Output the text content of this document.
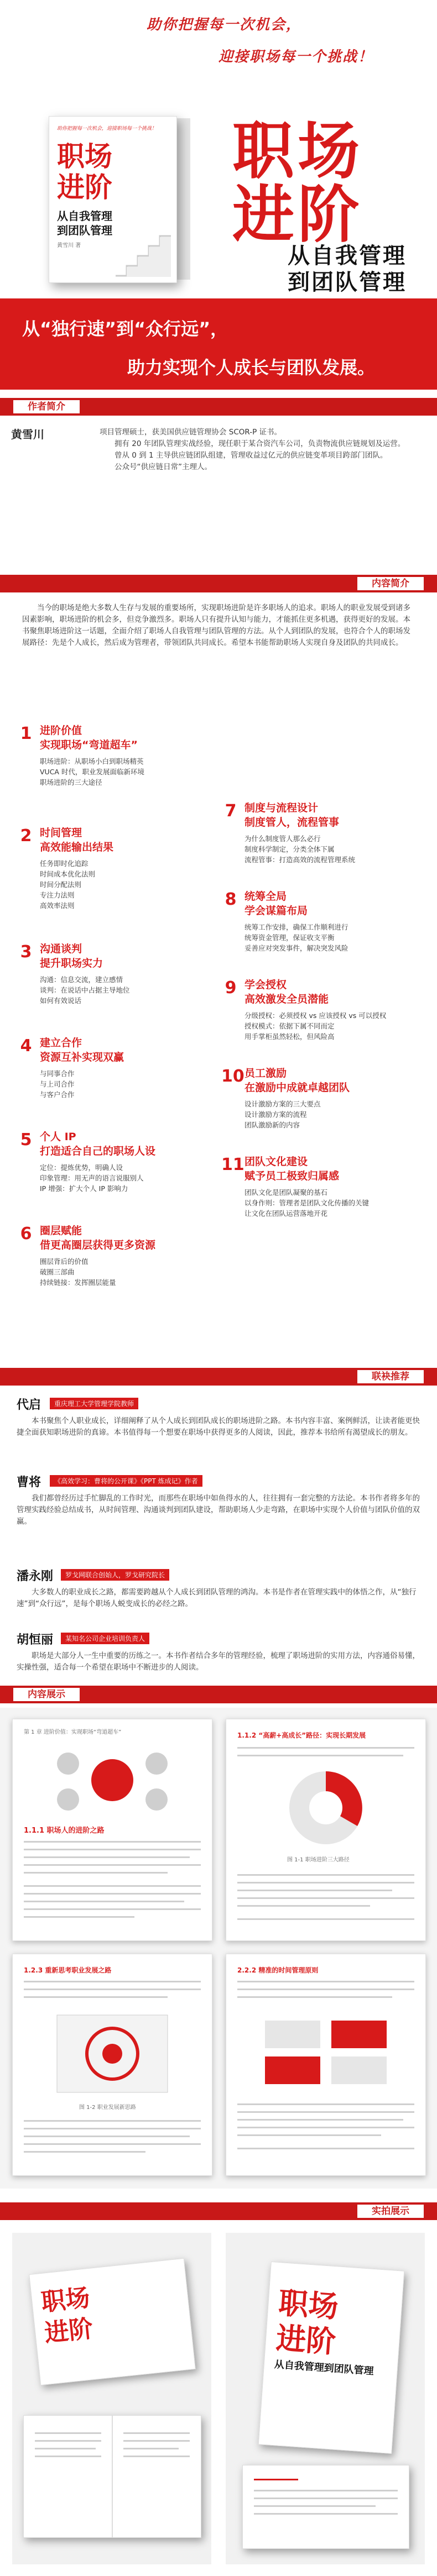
助你把握每一次机会，
迎接职场每一个挑战！
助你把握每一次机会，迎接职场每一个挑战！
职场
进阶
从自我管理
到团队管理
黄雪川 著
职场
进阶
从自我管理
到团队管理
从“独行速”到“众行远”，
助力实现个人成长与团队发展。
作者简介
黄雪川	项目管理硕士，获美国供应链管理协会 SCOR-P 证书。
拥有 20 年团队管理实战经验，现任职于某合资汽车公司，负责物流供应链规划及运营。
曾从 0 到 1 主导供应链团队组建，管理收益过亿元的供应链变革项目跨部门团队。
公众号“供应链日常”主理人。
内容简介
当今的职场是绝大多数人生存与发展的重要场所，实现职场进阶是许多职场人的追求。职场人的职业发展受到诸多因素影响，职场进阶的机会多，但竞争激烈多。职场人只有提升认知与能力，才能抓住更多机遇，获得更好的发展。本书聚焦职场进阶这一话题，全面介绍了职场人自我管理与团队管理的方法。从个人到团队的发展，也符合个人的职场发展路径：先是个人成长，然后成为管理者，带领团队共同成长。希望本书能帮助职场人实现自身及团队的共同成长。
1 进阶价值
实现职场“弯道超车”
职场进阶：从职场小白到职场精英
VUCA 时代，职业发展面临新环境
职场进阶的三大途径
2 时间管理
高效能输出结果
任务即时化追踪
时间成本优化法则
时间分配法则
专注力法则
高效率法则
3 沟通谈判
提升职场实力
沟通：信息交流，建立感情
谈判：在说话中占据主导地位
如何有效说话
4 建立合作
资源互补实现双赢
与同事合作
与上司合作
与客户合作
5 个人 IP
打造适合自己的职场人设
定位：提炼优势，明确人设
印象管理：用无声的语言说服别人
IP 增强：扩大个人 IP 影响力
6 圈层赋能
借更高圈层获得更多资源
圈层背后的价值
破圈三部曲
持续链接：发挥圈层能量
7 制度与流程设计
制度管人，流程管事
为什么制度管人那么必行
制度科学制定，分类全体下属
流程管事：打造高效的流程管理系统
8 统筹全局
学会谋篇布局
统筹工作安排，确保工作顺利进行
统筹资金管理，保证收支平衡
妥善应对突发事件，解决突发风险
9 学会授权
高效激发全员潜能
分级授权：必须授权 vs 应该授权 vs 可以授权
授权模式：依据下属不同而定
用手掌柜虽然轻松，但风险高
10 员工激励
在激励中成就卓越团队
设计激励方案的三大要点
设计激励方案的流程
团队激励新的内容
11 团队文化建设
赋予员工极致归属感
团队文化是团队凝聚的基石
以身作则：管理者是团队文化传播的关键
让文化在团队运营落地开花
联袂推荐
代启	重庆理工大学管理学院教师
本书聚焦个人职业成长，详细阐释了从个人成长到团队成长的职场进阶之路。本书内容丰富、案例鲜活，让读者能更快捷全面获知职场进阶的真谛。本书值得每一个想要在职场中获得更多的人阅读，因此，推荐本书给所有渴望成长的朋友。
曹将	《高效学习：曹将的公开课》《PPT 炼成记》作者
我们都曾经历过手忙脚乱的工作时光，而那些在职场中如鱼得水的人，往往拥有一套完整的方法论。本书作者将多年的管理实践经验总结成书，从时间管理、沟通谈判到团队建设，帮助职场人少走弯路，在职场中实现个人价值与团队价值的双赢。
潘永刚	罗戈网联合创始人，罗戈研究院长
大多数人的职业成长之路，都需要跨越从个人成长到团队管理的鸿沟。本书是作者在管理实践中的体悟之作，从“独行速”到“众行远”，是每个职场人蜕变成长的必经之路。
胡恒丽	某知名公司企业培训负责人
职场是大部分人一生中重要的历练之一。本书作者结合多年的管理经验，梳理了职场进阶的实用方法，内容通俗易懂，实操性强，适合每一个希望在职场中不断进步的人阅读。
内容展示
第 1 章 进阶价值：实现职场“弯道超车”
1.1.1 职场人的进阶之路
1.1.2 “高薪+高成长”路径：实现长期发展
图 1-1 职场进阶三大路径
1.2.3 重新思考职业发展之路
图 1-2 职业发展新思路
2.2.2 精准的时间管理原则
实拍展示
职场
进阶
职场
进阶
从自我管理到团队管理
